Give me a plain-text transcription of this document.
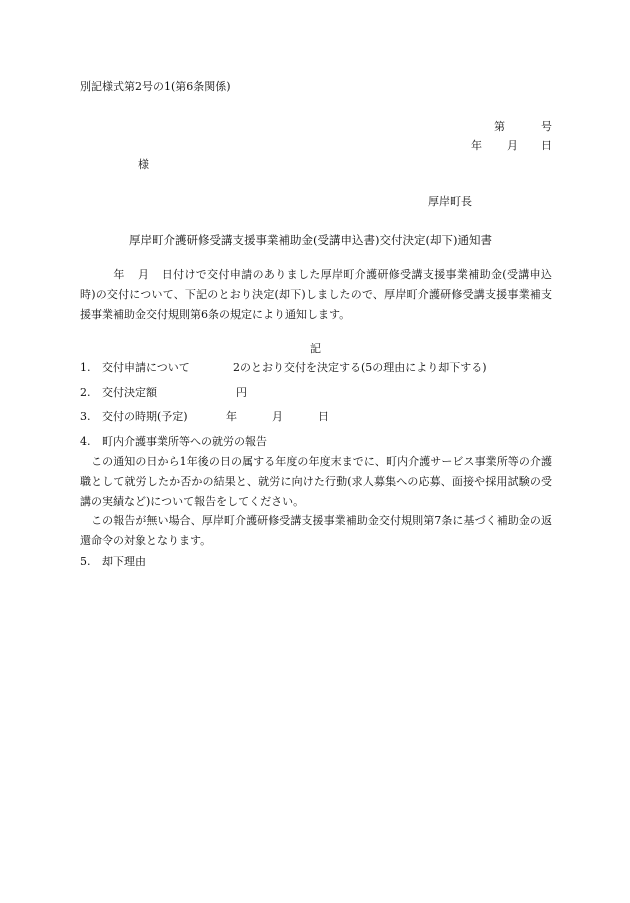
別記様式第2号の1(第6条関係)
第	号
年 月 日
様
厚岸町長
厚岸町介護研修受講支援事業補助金(受講申込書)交付決定(却下)通知書
年 月 日付けで交付申請のありました厚岸町介護研修受講支援事業補助金(受講申込時)の交付について、下記のとおり決定(却下)しましたので、厚岸町介護研修受講支援事業補支援事業補助金交付規則第6条の規定により通知します。
記
1. 交付申請について	2のとおり交付を決定する(5の理由により却下する)
2. 交付決定額	円
3. 交付の時期(予定)	年	月	日
4. 町内介護事業所等への就労の報告
この通知の日から1年後の日の属する年度の年度末までに、町内介護サービス事業所等の介護職として就労したか否かの結果と、就労に向けた行動(求人募集への応募、面接や採用試験の受講の実績など)について報告をしてください。
この報告が無い場合、厚岸町介護研修受講支援事業補助金交付規則第7条に基づく補助金の返還命令の対象となります。
5. 却下理由
